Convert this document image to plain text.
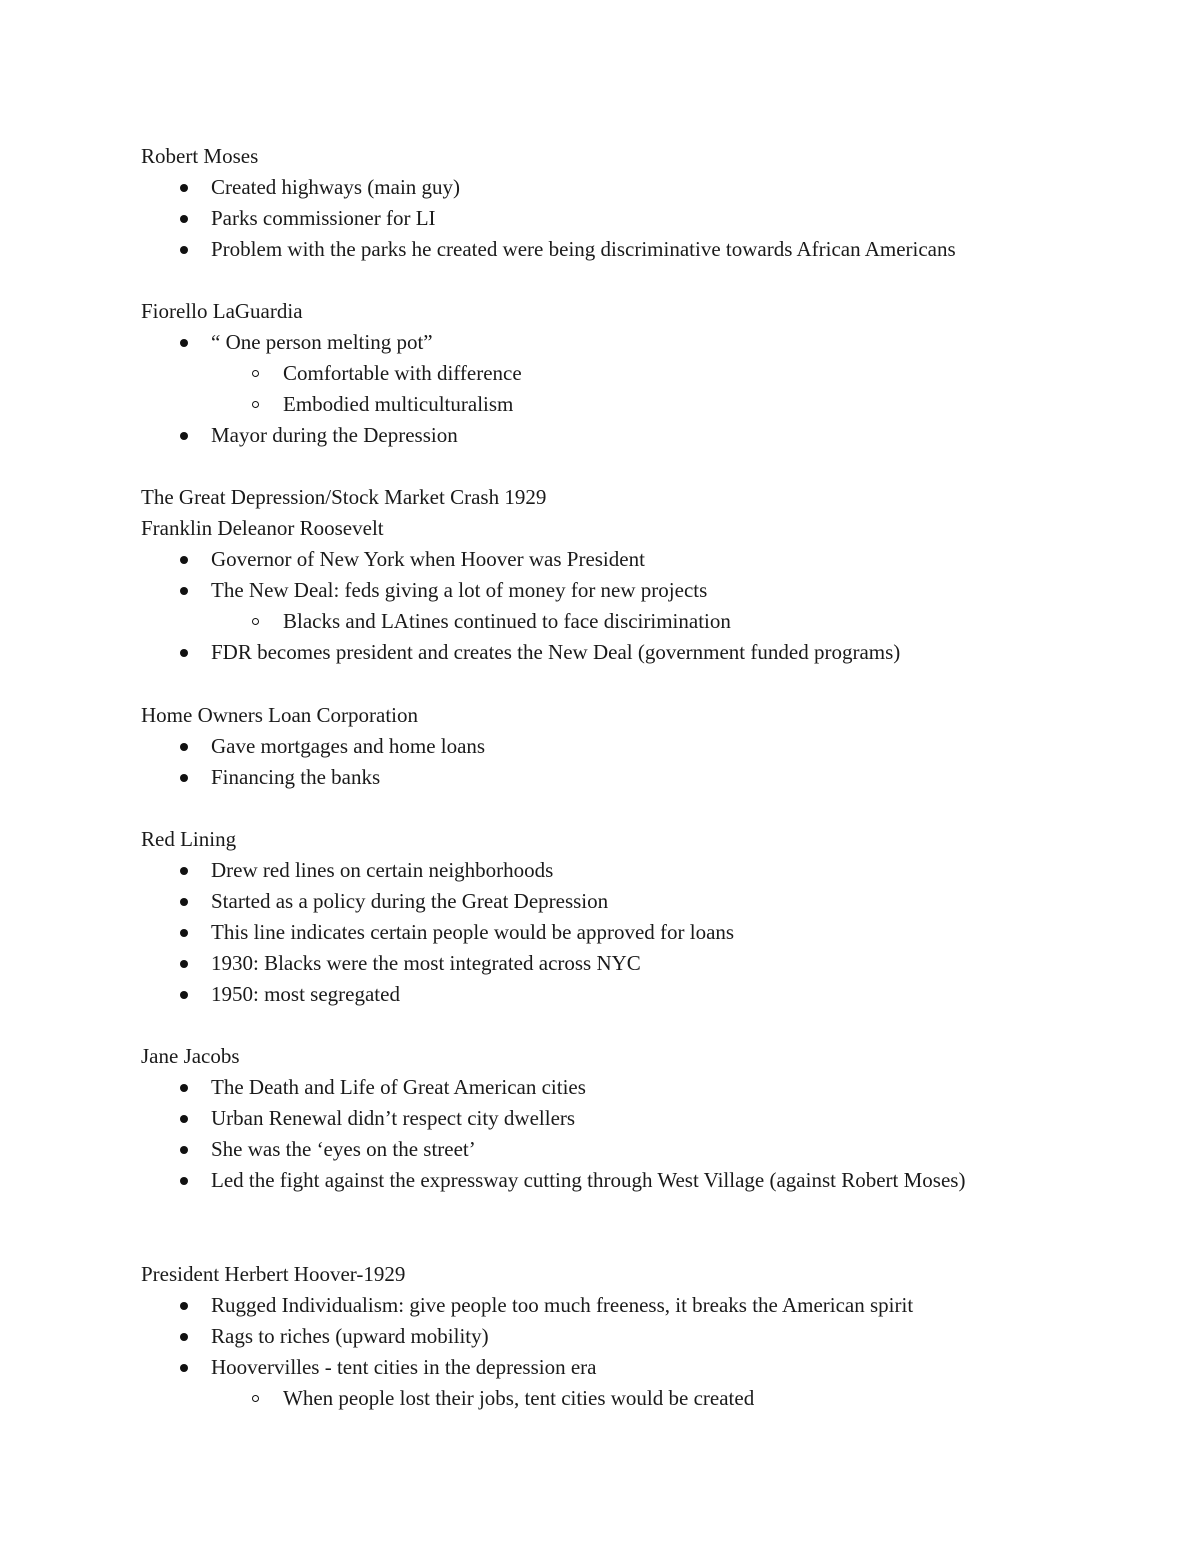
Robert Moses
Created highways (main guy)
Parks commissioner for LI
Problem with the parks he created were being discriminative towards African Americans
Fiorello LaGuardia
“ One person melting pot”
Comfortable with difference
Embodied multiculturalism
Mayor during the Depression
The Great Depression/Stock Market Crash 1929
Franklin Deleanor Roosevelt
Governor of New York when Hoover was President
The New Deal: feds giving a lot of money for new projects
Blacks and LAtines continued to face discirimination
FDR becomes president and creates the New Deal (government funded programs)
Home Owners Loan Corporation
Gave mortgages and home loans
Financing the banks
Red Lining
Drew red lines on certain neighborhoods
Started as a policy during the Great Depression
This line indicates certain people would be approved for loans
1930: Blacks were the most integrated across NYC
1950: most segregated
Jane Jacobs
The Death and Life of Great American cities
Urban Renewal didn’t respect city dwellers
She was the ‘eyes on the street’
Led the fight against the expressway cutting through West Village (against Robert Moses)
President Herbert Hoover-1929
Rugged Individualism: give people too much freeness, it breaks the American spirit
Rags to riches (upward mobility)
Hoovervilles - tent cities in the depression era
When people lost their jobs, tent cities would be created
